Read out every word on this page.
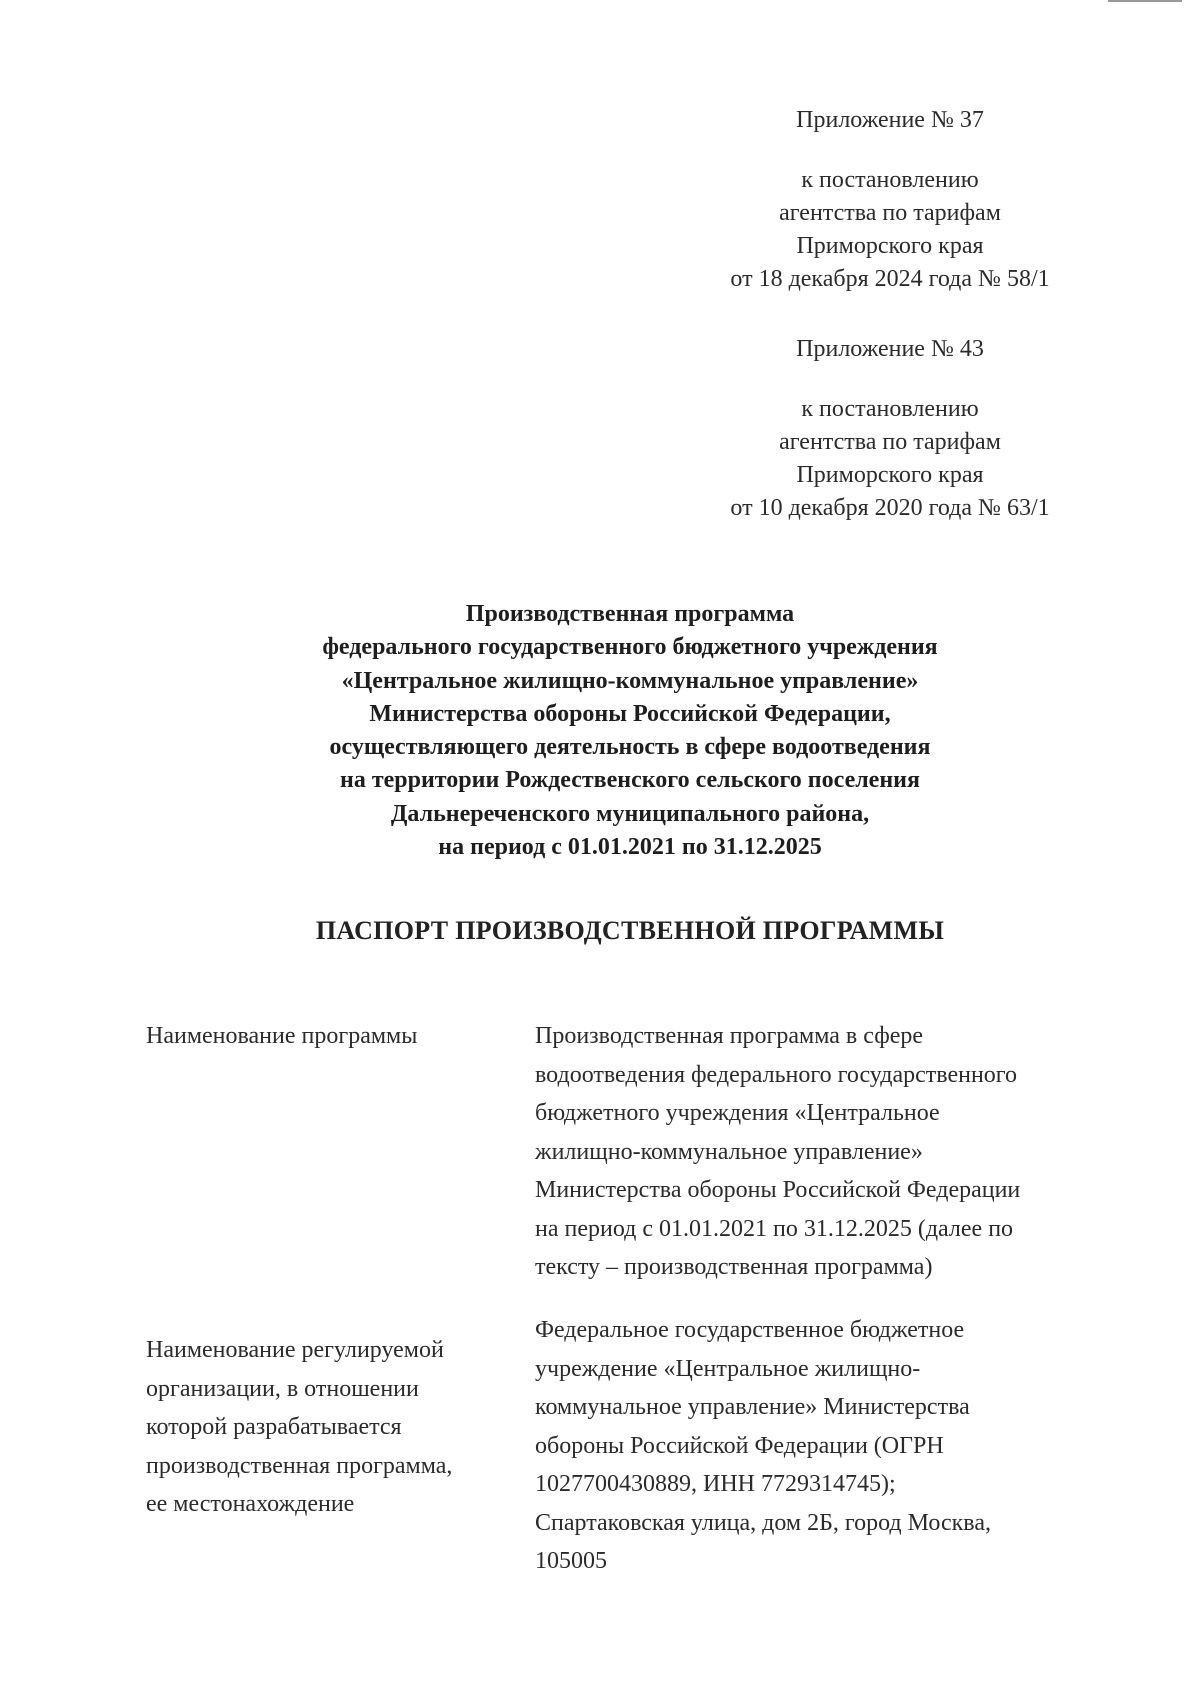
Приложение № 37

к постановлению

агентства по тарифам

Приморского края

от 18 декабря 2024 года № 58/1

Приложение № 43

к постановлению

агентства по тарифам

Приморского края

от 10 декабря 2020 года № 63/1

Производственная программа
федерального государственного бюджетного учреждения
«Центральное жилищно-коммунальное управление»
Министерства обороны Российской Федерации,
осуществляющего деятельность в сфере водоотведения
на территории Рождественского сельского поселения
Дальнереченского муниципального района,
на период с 01.01.2021 по 31.12.2025
ПАСПОРТ ПРОИЗВОДСТВЕННОЙ ПРОГРАММЫ
Наименование программы	Производственная программа в сфере
водоотведения федерального государственного
бюджетного учреждения «Центральное
жилищно-коммунальное управление»
Министерства обороны Российской Федерации
на период с 01.01.2021 по 31.12.2025 (далее по
тексту – производственная программа)
Наименование регулируемой
организации, в отношении
которой разрабатывается
производственная программа,
ее местонахождение
Федеральное государственное бюджетное
учреждение «Центральное жилищно-
коммунальное управление» Министерства
обороны Российской Федерации (ОГРН
1027700430889, ИНН 7729314745);
Спартаковская улица, дом 2Б, город Москва,
105005
